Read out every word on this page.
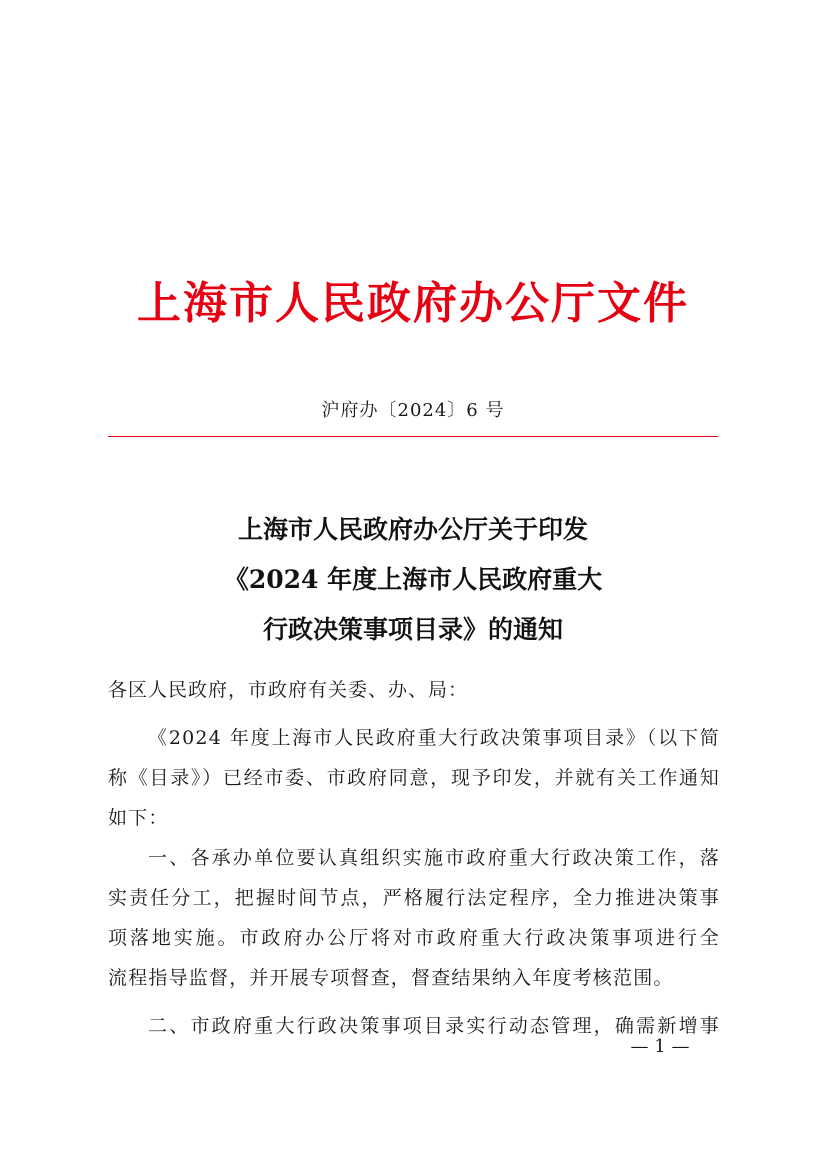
上海市人民政府办公厅文件
沪府办〔2024〕6 号
上海市人民政府办公厅关于印发
《2024 年度上海市人民政府重大
行政决策事项目录》的通知
各区人民政府，市政府有关委、办、局：
《2024 年度上海市人民政府重大行政决策事项目录》（以下简
称《目录》）已经市委、市政府同意，现予印发，并就有关工作通知
如下：
一、各承办单位要认真组织实施市政府重大行政决策工作，落
实责任分工，把握时间节点，严格履行法定程序，全力推进决策事
项落地实施。市政府办公厅将对市政府重大行政决策事项进行全
流程指导监督，并开展专项督查，督查结果纳入年度考核范围。
二、市政府重大行政决策事项目录实行动态管理，确需新增事
— 1 —
